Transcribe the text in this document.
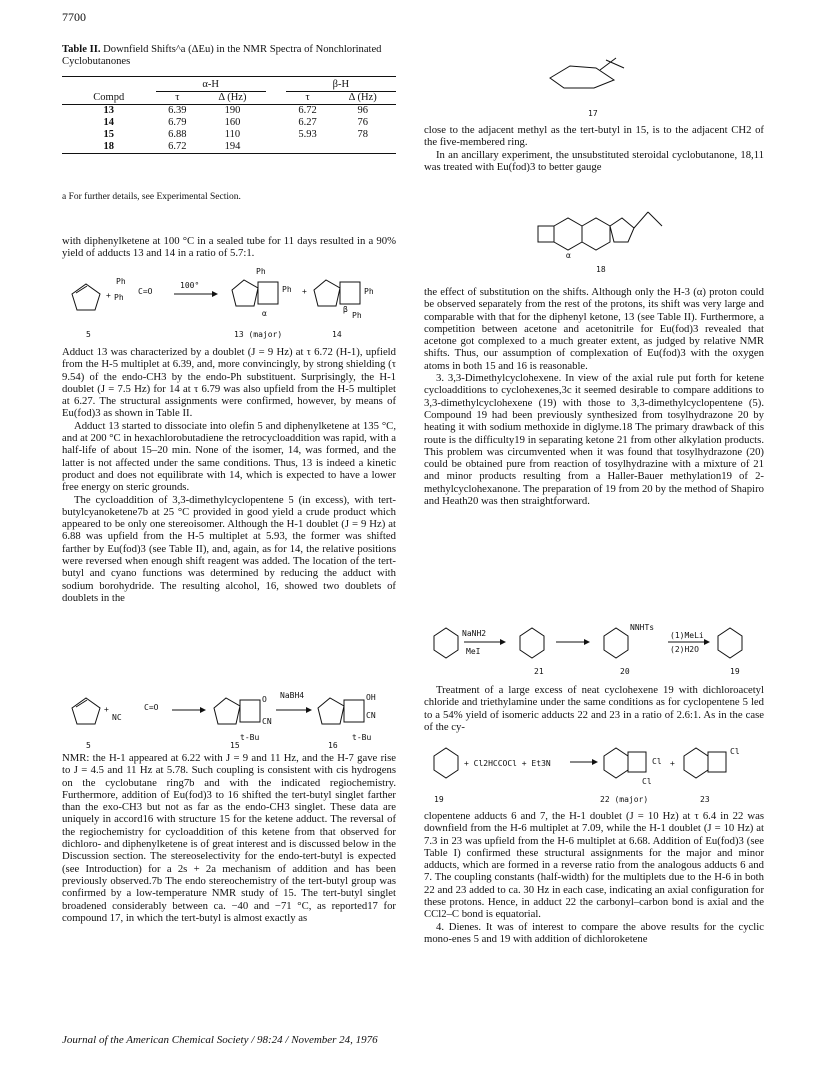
7700
Table II. Downfield Shifts^a (ΔEu) in the NMR Spectra of Nonchlorinated Cyclobutanones
	α-H			β-H	
Compd	τ	Δ (Hz)		τ	Δ (Hz)
13	6.39	190		6.72	96
14	6.79	160		6.27	76
15	6.88	110		5.93	78
18	6.72	194			
a For further details, see Experimental Section.

with diphenylketene at 100 °C in a sealed tube for 11 days resulted in a 90% yield of adducts 13 and 14 in a ratio of 5.7:1.

+
Ph
Ph
C=O
100°
Ph
Ph
α
+	Ph
Ph
β
5	13 (major)	14

Adduct 13 was characterized by a doublet (J = 9 Hz) at τ 6.72 (H-1), upfield from the H-5 multiplet at 6.39, and, more convincingly, by strong shielding (τ 9.54) of the endo-CH3 by the endo-Ph substituent. Surprisingly, the H-1 doublet (J = 7.5 Hz) for 14 at τ 6.79 was also upfield from the H-5 multiplet at 6.27. The structural assignments were confirmed, however, by means of Eu(fod)3 as shown in Table II.

Adduct 13 started to dissociate into olefin 5 and diphenylketene at 135 °C, and at 200 °C in hexachlorobutadiene the retrocycloaddition was rapid, with a half-life of about 15–20 min. None of the isomer, 14, was formed, and the latter is not affected under the same conditions. Thus, 13 is indeed a kinetic product and does not equilibrate with 14, which is expected to have a lower free energy on steric grounds.

The cycloaddition of 3,3-dimethylcyclopentene 5 (in excess), with tert-butylcyanoketene7b at 25 °C provided in good yield a crude product which appeared to be only one stereoisomer. Although the H-1 doublet (J = 9 Hz) at 6.88 was upfield from the H-5 multiplet at 5.93, the former was shifted farther by Eu(fod)3 (see Table II), and, again, as for 14, the relative positions were reversed when enough shift reagent was added. The location of the tert-butyl and cyano functions was determined by reducing the adduct with sodium borohydride. The resulting alcohol, 16, showed two doublets of doublets in the

+
NC
C=O
O
CN
t-Bu
NaBH4	OH
CN
t-Bu
5	15	16

NMR: the H-1 appeared at 6.22 with J = 9 and 11 Hz, and the H-7 gave rise to J = 4.5 and 11 Hz at 5.78. Such coupling is consistent with cis hydrogens on the cyclobutane ring7b and with the indicated regiochemistry. Furthermore, addition of Eu(fod)3 to 16 shifted the tert-butyl singlet farther than the exo-CH3 but not as far as the endo-CH3 singlet. These data are uniquely in accord16 with structure 15 for the ketene adduct. The reversal of the regiochemistry for cycloaddition of this ketene from that observed for dichloro- and diphenylketene is of great interest and is discussed below in the Discussion section. The stereoselectivity for the endo-tert-butyl is expected (see Introduction) for a 2s + 2a mechanism of addition and has been previously observed.7b The endo stereochemistry of the tert-butyl group was confirmed by a low-temperature NMR study of 15. The tert-butyl singlet broadened considerably between ca. −40 and −71 °C, as reported17 for compound 17, in which the tert-butyl is almost exactly as

17

close to the adjacent methyl as the tert-butyl in 15, is to the adjacent CH2 of the five-membered ring.

In an ancillary experiment, the unsubstituted steroidal cyclobutanone, 18,11 was treated with Eu(fod)3 to better gauge

α
18

the effect of substitution on the shifts. Although only the H-3 (α) proton could be observed separately from the rest of the protons, its shift was very large and comparable with that for the diphenyl ketone, 13 (see Table II). Furthermore, a competition between acetone and acetonitrile for Eu(fod)3 revealed that acetone got complexed to a much greater extent, as judged by relative NMR shifts. Thus, our assumption of complexation of Eu(fod)3 with the oxygen atoms in both 15 and 16 is reasonable.

3. 3,3-Dimethylcyclohexene. In view of the axial rule put forth for ketene cycloadditions to cyclohexenes,3c it seemed desirable to compare additions to 3,3-dimethylcyclohexene (19) with those to 3,3-dimethylcyclopentene (5). Compound 19 had been previously synthesized from tosylhydrazone 20 by heating it with sodium methoxide in diglyme.18 The primary drawback of this route is the difficulty19 in separating ketone 21 from other alkylation products. This problem was circumvented when it was found that tosylhydrazone (20) could be obtained pure from reaction of tosylhydrazine with a mixture of 21 and minor products resulting from a Haller-Bauer methylation19 of 2-methylcyclohexanone. The preparation of 19 from 20 by the method of Shapiro and Heath20 was then straightforward.

NaNH2
MeI
NNHTs
(1)MeLi
(2)H2O
21	20	19

Treatment of a large excess of neat cyclohexene 19 with dichloroacetyl chloride and triethylamine under the same conditions as for cyclopentene 5 led to a 54% yield of isomeric adducts 22 and 23 in a ratio of 2.6:1. As in the case of the cy-

+ Cl2HCCOCl + Et3N
Cl
Cl +
Cl
19	22 (major)	23

clopentene adducts 6 and 7, the H-1 doublet (J = 10 Hz) at τ 6.4 in 22 was downfield from the H-6 multiplet at 7.09, while the H-1 doublet (J = 10 Hz) at 7.3 in 23 was upfield from the H-6 multiplet at 6.68. Addition of Eu(fod)3 (see Table I) confirmed these structural assignments for the major and minor adducts, which are formed in a reverse ratio from the analogous adducts 6 and 7. The coupling constants (half-width) for the multiplets due to the H-6 in both 22 and 23 added to ca. 30 Hz in each case, indicating an axial configuration for these protons. Hence, in adduct 22 the carbonyl–carbon bond is axial and the CCl2–C bond is equatorial.

4. Dienes. It was of interest to compare the above results for the cyclic mono-enes 5 and 19 with addition of dichloroketene

Journal of the American Chemical Society / 98:24 / November 24, 1976
